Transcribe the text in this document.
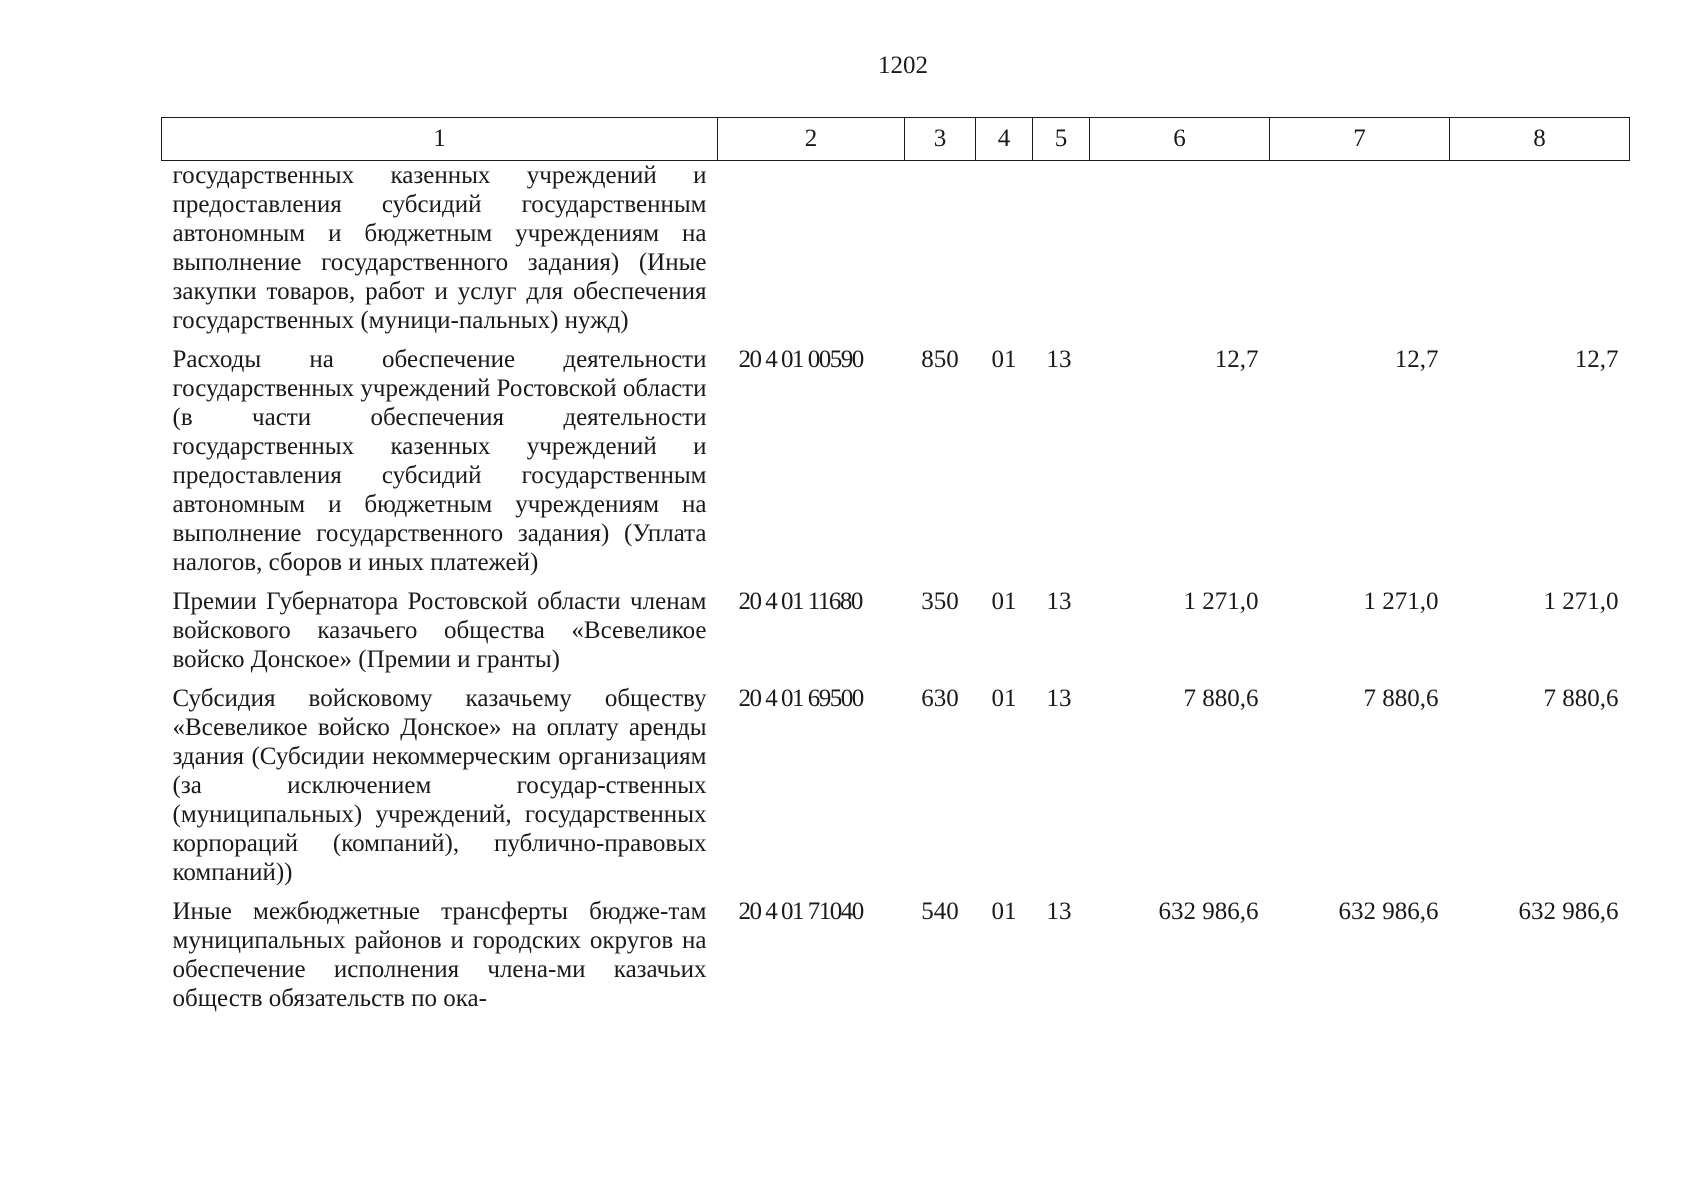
1202
1	2	3	4	5	6	7	8
государственных казенных учреждений и предоставления субсидий государственным автономным и бюджетным учреждениям на выполнение государственного задания) (Иные закупки товаров, работ и услуг для обеспечения государственных (муници-пальных) нужд)							
Расходы на обеспечение деятельности государственных учреждений Ростовской области (в части обеспечения деятельности государственных казенных учреждений и предоставления субсидий государственным автономным и бюджетным учреждениям на выполнение государственного задания) (Уплата налогов, сборов и иных платежей)	20 4 01 00590	850	01	13	12,7	12,7	12,7
Премии Губернатора Ростовской области членам войскового казачьего общества «Всевеликое войско Донское» (Премии и гранты)	20 4 01 11680	350	01	13	1 271,0	1 271,0	1 271,0
Субсидия войсковому казачьему обществу «Всевеликое войско Донское» на оплату аренды здания (Субсидии некоммерческим организациям (за исключением государ-ственных (муниципальных) учреждений, государственных корпораций (компаний), публично-правовых компаний))	20 4 01 69500	630	01	13	7 880,6	7 880,6	7 880,6
Иные межбюджетные трансферты бюдже-там муниципальных районов и городских округов на обеспечение исполнения члена-ми казачьих обществ обязательств по ока-	20 4 01 71040	540	01	13	632 986,6	632 986,6	632 986,6
